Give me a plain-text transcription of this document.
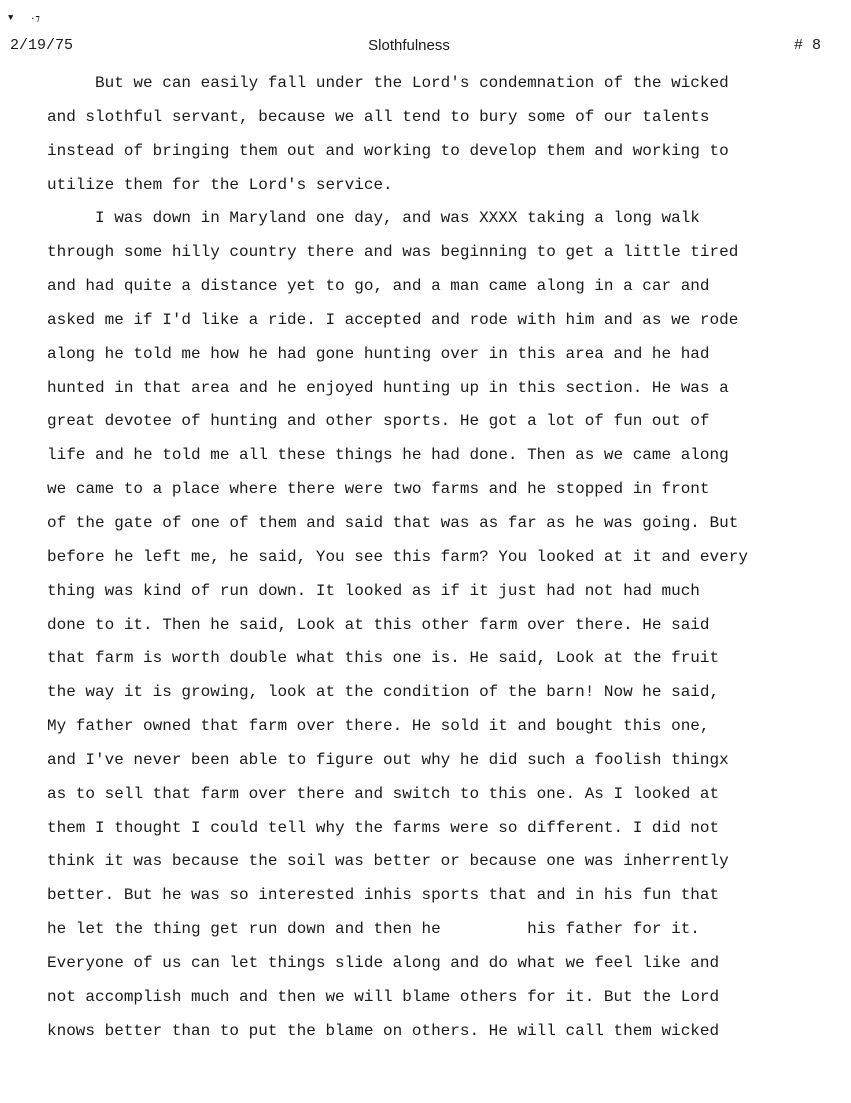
▼ ·⁊
2/19/75	Slothfulness	# 8
But we can easily fall under the Lord's condemnation of the wicked
and slothful servant, because we all tend to bury some of our talents
instead of bringing them out and working to develop them and working to
utilize them for the Lord's service.
I was down in Maryland one day, and was XXXX taking a long walk
through some hilly country there and was beginning to get a little tired
and had quite a distance yet to go, and a man came along in a car and
asked me if I'd like a ride. I accepted and rode with him and as we rode
along he told me how he had gone hunting over in this area and he had
hunted in that area and he enjoyed hunting up in this section. He was a
great devotee of hunting and other sports. He got a lot of fun out of
life and he told me all these things he had done. Then as we came along
we came to a place where there were two farms and he stopped in front
of the gate of one of them and said that was as far as he was going. But
before he left me, he said, You see this farm? You looked at it and every
thing was kind of run down. It looked as if it just had not had much
done to it. Then he said, Look at this other farm over there. He said
that farm is worth double what this one is. He said, Look at the fruit
the way it is growing, look at the condition of the barn! Now he said,
My father owned that farm over there. He sold it and bought this one,
and I've never been able to figure out why he did such a foolish thingx
as to sell that farm over there and switch to this one. As I looked at
them I thought I could tell why the farms were so different. I did not
think it was because the soil was better or because one was inherrently
better. But he was so interested inhis sports that and in his fun that
he let the thing get run down and then he         his father for it.
Everyone of us can let things slide along and do what we feel like and
not accomplish much and then we will blame others for it. But the Lord
knows better than to put the blame on others. He will call them wicked
